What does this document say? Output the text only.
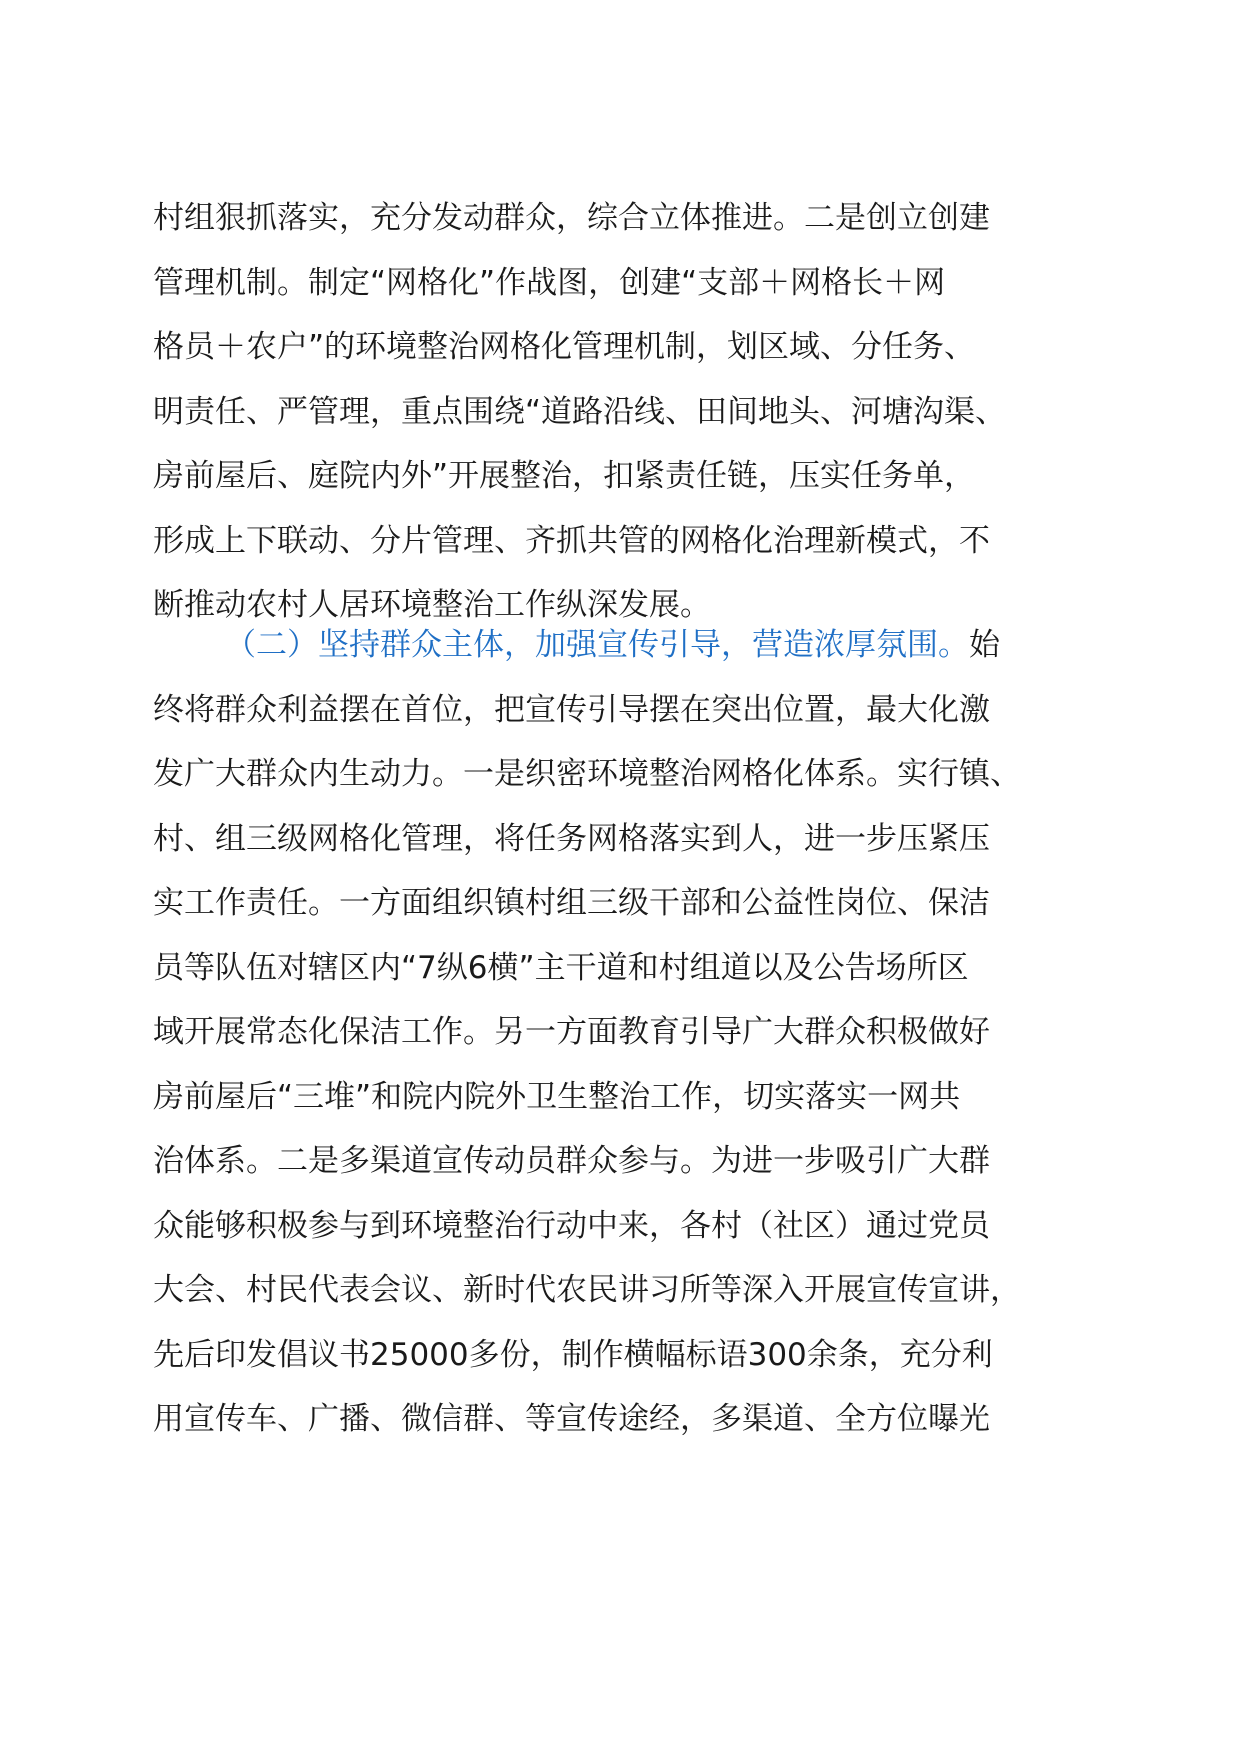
村组狠抓落实，充分发动群众，综合立体推进。二是创立创建
管理机制。制定“网格化”作战图，创建“支部＋网格长＋网
格员＋农户”的环境整治网格化管理机制，划区域、分任务、
明责任、严管理，重点围绕“道路沿线、田间地头、河塘沟渠、
房前屋后、庭院内外”开展整治，扣紧责任链，压实任务单，
形成上下联动、分片管理、齐抓共管的网格化治理新模式，不
断推动农村人居环境整治工作纵深发展。
（二）坚持群众主体，加强宣传引导，营造浓厚氛围。始
终将群众利益摆在首位，把宣传引导摆在突出位置，最大化激
发广大群众内生动力。一是织密环境整治网格化体系。实行镇、
村、组三级网格化管理，将任务网格落实到人，进一步压紧压
实工作责任。一方面组织镇村组三级干部和公益性岗位、保洁
员等队伍对辖区内“7纵6横”主干道和村组道以及公告场所区
域开展常态化保洁工作。另一方面教育引导广大群众积极做好
房前屋后“三堆”和院内院外卫生整治工作，切实落实一网共
治体系。二是多渠道宣传动员群众参与。为进一步吸引广大群
众能够积极参与到环境整治行动中来，各村（社区）通过党员
大会、村民代表会议、新时代农民讲习所等深入开展宣传宣讲，
先后印发倡议书25000多份，制作横幅标语300余条，充分利
用宣传车、广播、微信群、等宣传途经，多渠道、全方位曝光
